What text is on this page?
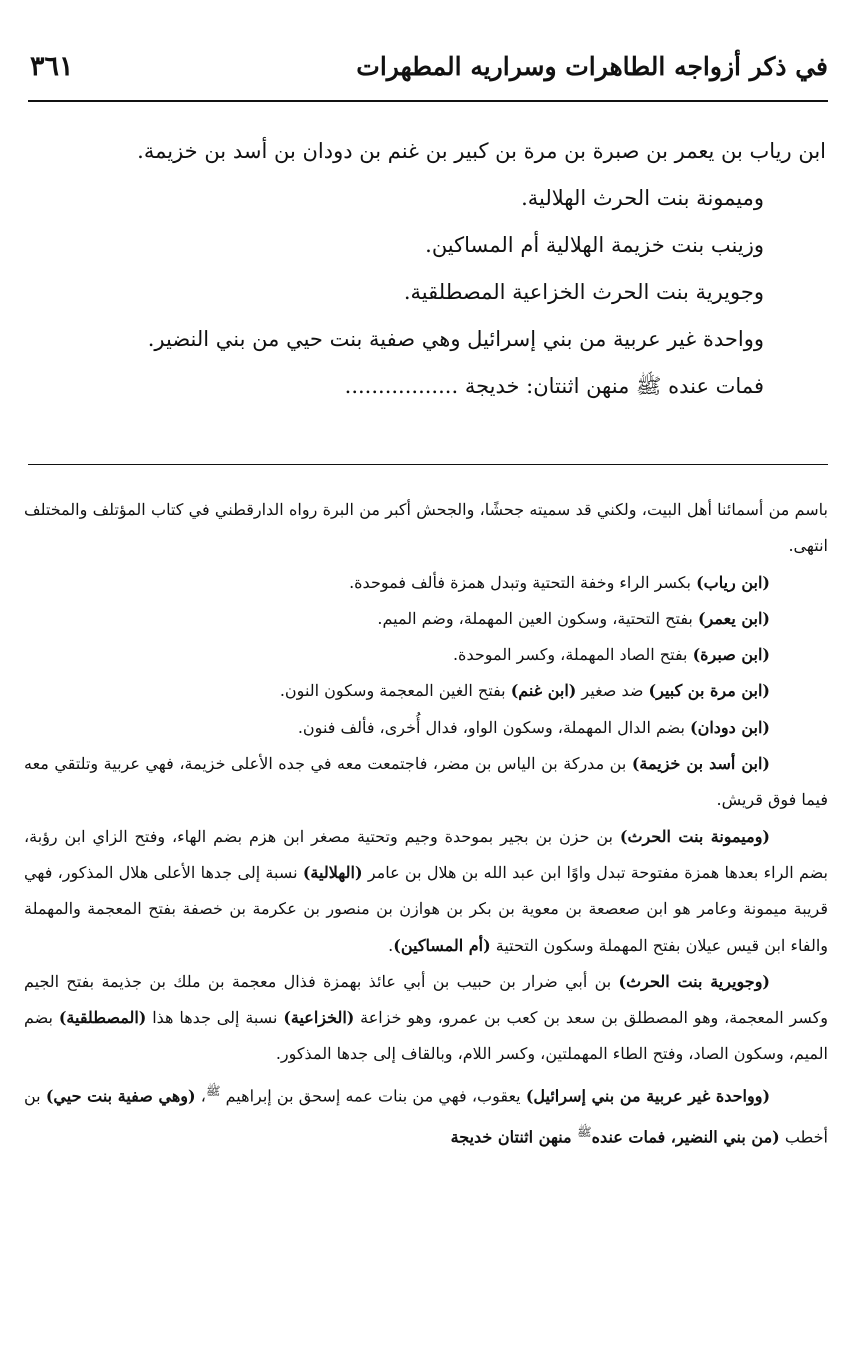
في ذكر أزواجه الطاهرات وسراريه المطهرات
٣٦١

ابن رياب بن يعمر بن صبرة بن مرة بن كبير بن غنم بن دودان بن أسد بن خزيمة.

وميمونة بنت الحرث الهلالية.

وزينب بنت خزيمة الهلالية أم المساكين.

وجويرية بنت الحرث الخزاعية المصطلقية.

وواحدة غير عربية من بني إسرائيل وهي صفية بنت حيي من بني النضير.

فمات عنده ﷺ منهن اثنتان: خديجة .................

باسم من أسمائنا أهل البيت، ولكني قد سميته جحشًا، والجحش أكبر من البرة رواه الدارقطني في كتاب المؤتلف والمختلف انتهى.

(ابن رياب) بكسر الراء وخفة التحتية وتبدل همزة فألف فموحدة.

(ابن يعمر) بفتح التحتية، وسكون العين المهملة، وضم الميم.

(ابن صبرة) بفتح الصاد المهملة، وكسر الموحدة.

(ابن مرة بن كبير) ضد صغير (ابن غنم) بفتح الغين المعجمة وسكون النون.

(ابن دودان) بضم الدال المهملة، وسكون الواو، فدال أُخرى، فألف فنون.

(ابن أسد بن خزيمة) بن مدركة بن الياس بن مضر، فاجتمعت معه في جده الأعلى خزيمة، فهي عربية وتلتقي معه فيما فوق قريش.

(وميمونة بنت الحرث) بن حزن بن بجير بموحدة وجيم وتحتية مصغر ابن هزم بضم الهاء، وفتح الزاي ابن رؤبة، بضم الراء بعدها همزة مفتوحة تبدل واوًا ابن عبد الله بن هلال بن عامر (الهلالية) نسبة إلى جدها الأعلى هلال المذكور، فهي قريبة ميمونة وعامر هو ابن صعصعة بن معوية بن بكر بن هوازن بن منصور بن عكرمة بن خصفة بفتح المعجمة والمهملة والفاء ابن قيس عيلان بفتح المهملة وسكون التحتية (أم المساكين).

(وجويرية بنت الحرث) بن أبي ضرار بن حبيب بن أبي عائذ بهمزة فذال معجمة بن ملك بن جذيمة بفتح الجيم وكسر المعجمة، وهو المصطلق بن سعد بن كعب بن عمرو، وهو خزاعة (الخزاعية) نسبة إلى جدها هذا (المصطلقية) بضم الميم، وسكون الصاد، وفتح الطاء المهملتين، وكسر اللام، وبالقاف إلى جدها المذكور.

(وواحدة غير عربية من بني إسرائيل) يعقوب، فهي من بنات عمه إسحق بن إبراهيم $^ﷺ$، (وهي صفية بنت حيي) بن أخطب (من بني النضير، فمات عنده$^ﷺ$ منهن اثنتان خديجة
